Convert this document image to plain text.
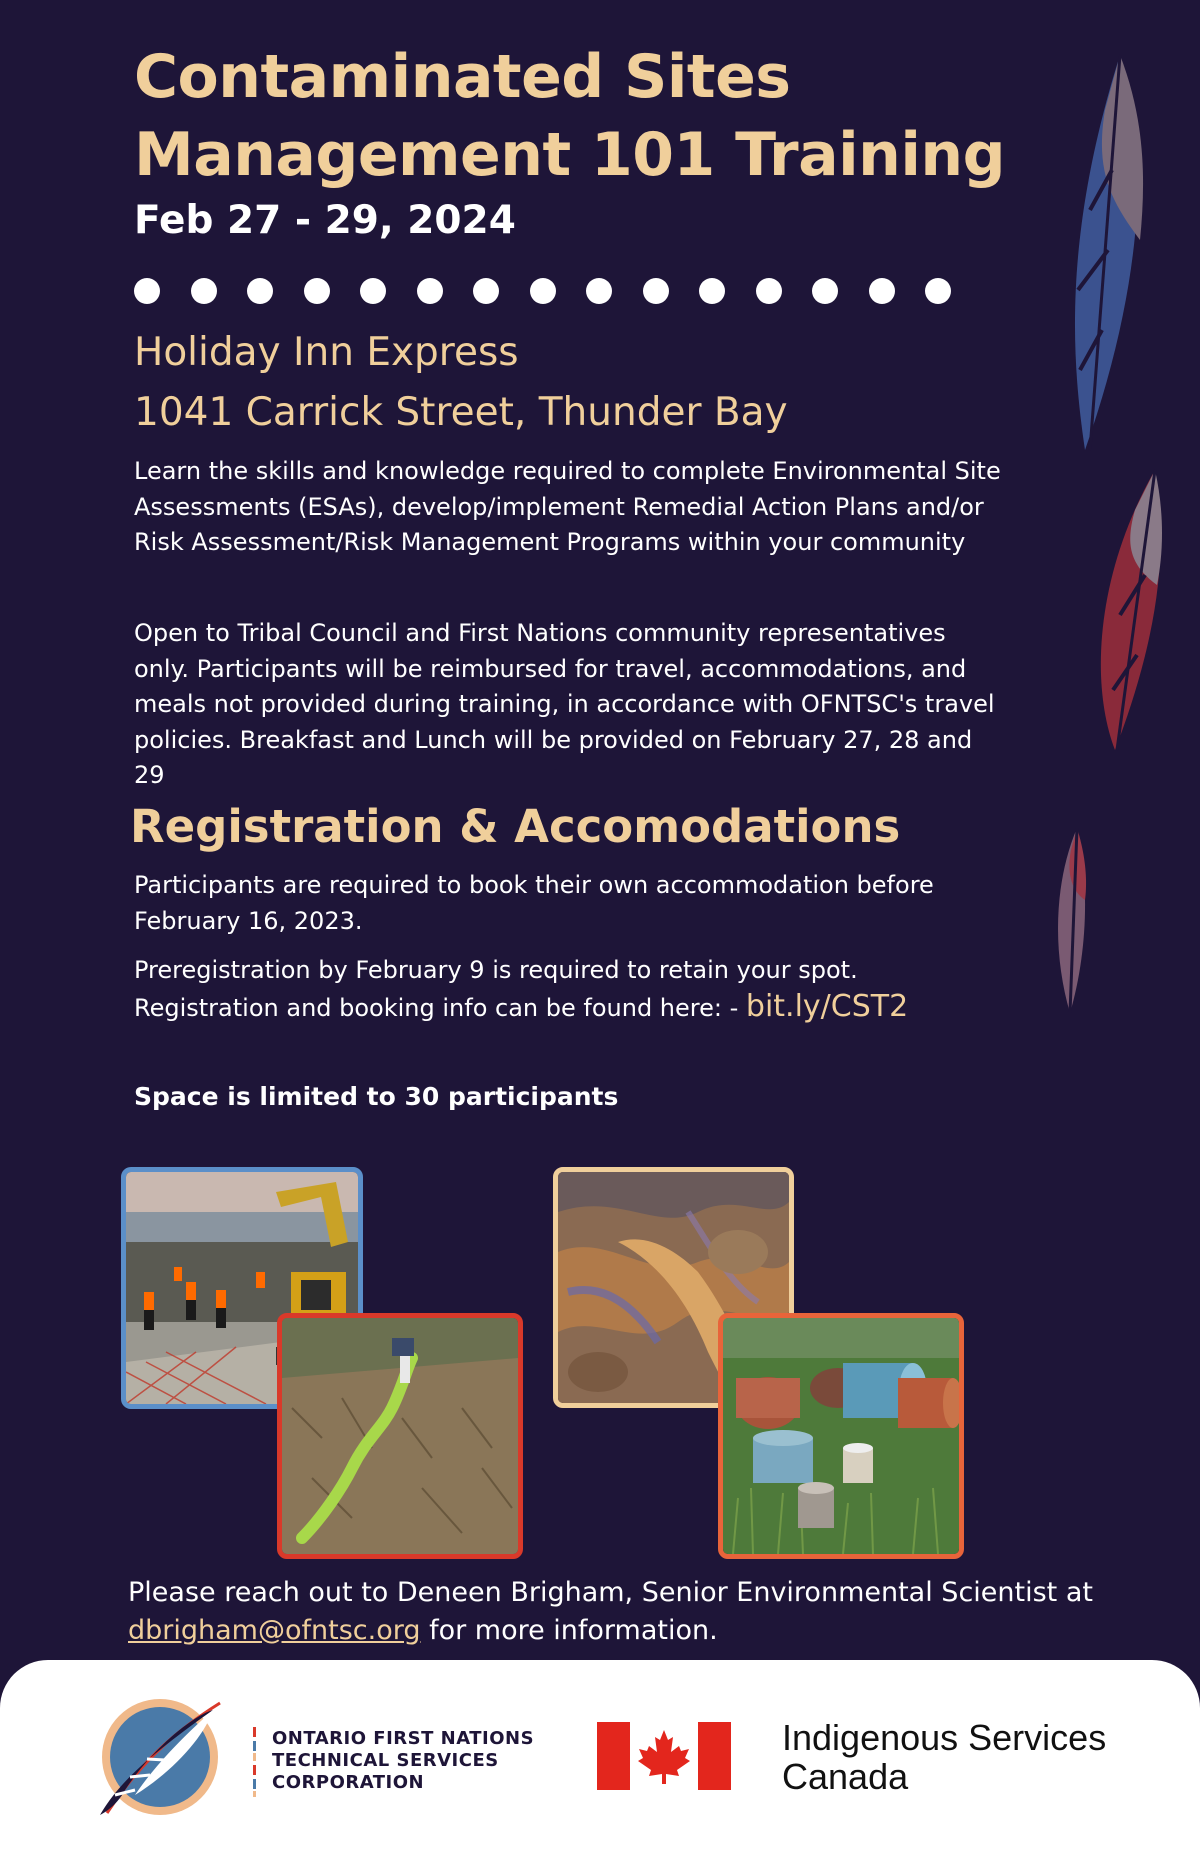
Contaminated Sites
Management 101 Training
Feb 27 - 29, 2024
Holiday Inn Express
1041 Carrick Street, Thunder Bay

Learn the skills and knowledge required to complete Environmental Site Assessments (ESAs), develop/implement Remedial Action Plans and/or Risk Assessment/Risk Management Programs within your community

Open to Tribal Council and First Nations community representatives only. Participants will be reimbursed for travel, accommodations, and meals not provided during training, in accordance with OFNTSC's travel policies. Breakfast and Lunch will be provided on February 27, 28 and 29

Registration & Accomodations

Participants are required to book their own accommodation before February 16, 2023.

Preregistration by February 9 is required to retain your spot.
Registration and booking info can be found here: - bit.ly/CST2

Space is limited to 30 participants

Please reach out to Deneen Brigham, Senior Environmental Scientist at
dbrigham@ofntsc.org for more information.

ONTARIO FIRST NATIONS
TECHNICAL SERVICES
CORPORATION
Indigenous Services
Canada
